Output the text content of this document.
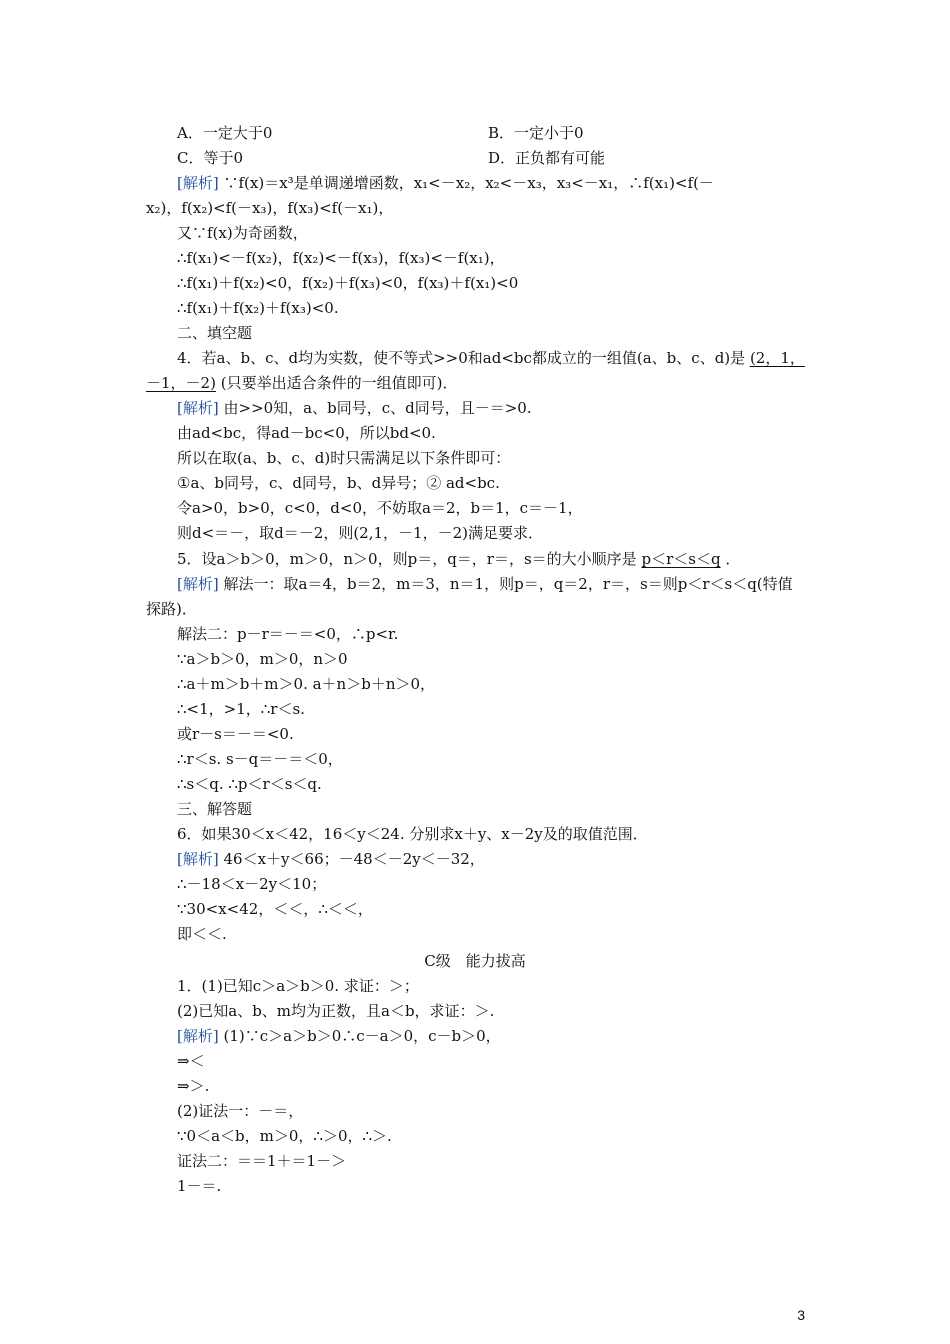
A．一定大于0	B．一定小于0
C．等于0	D．正负都有可能
[解析] ∵f(x)＝x³是单调递增函数，x₁<－x₂，x₂<－x₃，x₃<－x₁，∴f(x₁)<f(－
x₂)，f(x₂)<f(－x₃)，f(x₃)<f(－x₁)，
又∵f(x)为奇函数，
∴f(x₁)<－f(x₂)，f(x₂)<－f(x₃)，f(x₃)<－f(x₁)，
∴f(x₁)＋f(x₂)<0，f(x₂)＋f(x₃)<0，f(x₃)＋f(x₁)<0
∴f(x₁)＋f(x₂)＋f(x₃)<0.
二、填空题
4．若a、b、c、d均为实数，使不等式>>0和ad<bc都成立的一组值(a、b、c、d)是 (2，1，
－1，－2) (只要举出适合条件的一组值即可)．
[解析] 由>>0知，a、b同号，c、d同号，且－＝>0.
由ad<bc，得ad－bc<0，所以bd<0.
所以在取(a、b、c、d)时只需满足以下条件即可：
①a、b同号，c、d同号，b、d异号；② ad<bc.
令a>0，b>0，c<0，d<0，不妨取a＝2，b＝1，c＝－1，
则d<＝－，取d＝－2，则(2,1，－1，－2)满足要求．
5．设a＞b＞0，m＞0，n＞0，则p＝，q＝，r＝，s＝的大小顺序是 p＜r＜s＜q ．
[解析] 解法一：取a＝4，b＝2，m＝3，n＝1，则p＝，q＝2，r＝，s＝则p＜r＜s＜q(特值
探路)．
解法二：p－r＝－＝<0，∴p<r.
∵a＞b＞0，m＞0，n＞0
∴a＋m＞b＋m＞0. a＋n＞b＋n＞0，
∴<1，>1，∴r＜s.
或r－s＝－＝<0.
∴r＜s. s－q＝－＝＜0，
∴s＜q. ∴p＜r＜s＜q.
三、解答题
6．如果30＜x＜42，16＜y＜24. 分别求x＋y、x－2y及的取值范围．
[解析] 46＜x＋y＜66；－48＜－2y＜－32，
∴－18＜x－2y＜10；
∵30<x<42，＜＜，∴＜＜，
即＜＜.
C级　能力拔高
1．(1)已知c＞a＞b＞0. 求证：＞；
(2)已知a、b、m均为正数，且a＜b，求证：＞.
[解析] (1)∵c＞a＞b＞0∴c－a＞0，c－b＞0，
⇒＜
⇒＞.
(2)证法一：－＝，
∵0＜a＜b，m＞0，∴＞0，∴＞.
证法二：＝＝1＋＝1－＞
1－＝.
3
